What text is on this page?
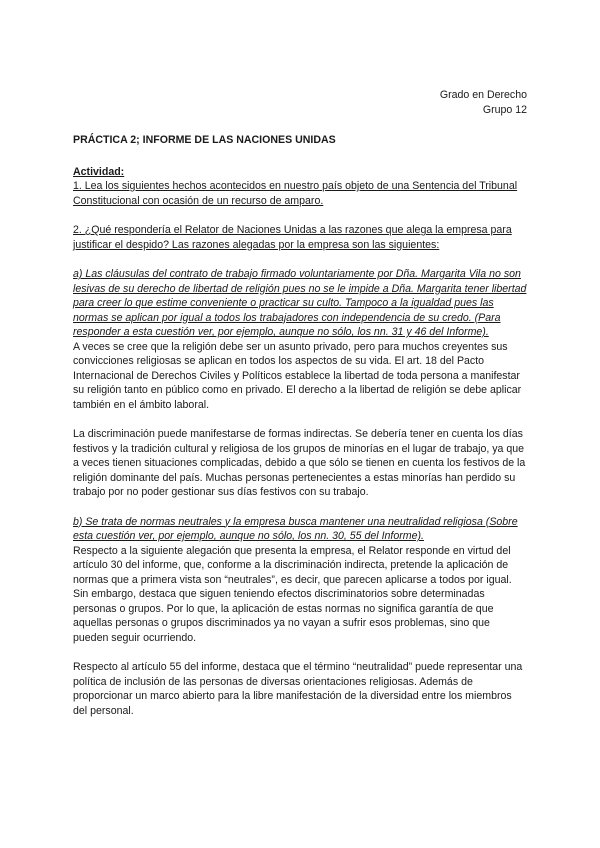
Grado en Derecho
Grupo 12
PRÁCTICA 2; INFORME DE LAS NACIONES UNIDAS
Actividad:
1. Lea los siguientes hechos acontecidos en nuestro país objeto de una Sentencia del Tribunal Constitucional con ocasión de un recurso de amparo.
2. ¿Qué respondería el Relator de Naciones Unidas a las razones que alega la empresa para justificar el despido? Las razones alegadas por la empresa son las siguientes:
a) Las cláusulas del contrato de trabajo firmado voluntariamente por Dña. Margarita Vila no son lesivas de su derecho de libertad de religión pues no se le impide a Dña. Margarita tener libertad para creer lo que estime conveniente o practicar su culto. Tampoco a la igualdad pues las normas se aplican por igual a todos los trabajadores con independencia de su credo. (Para responder a esta cuestión ver, por ejemplo, aunque no sólo, los nn. 31 y 46 del Informe).
A veces se cree que la religión debe ser un asunto privado, pero para muchos creyentes sus convicciones religiosas se aplican en todos los aspectos de su vida. El art. 18 del Pacto Internacional de Derechos Civiles y Políticos establece la libertad de toda persona a manifestar su religión tanto en público como en privado. El derecho a la libertad de religión se debe aplicar también en el ámbito laboral.
La discriminación puede manifestarse de formas indirectas. Se debería tener en cuenta los días festivos y la tradición cultural y religiosa de los grupos de minorías en el lugar de trabajo, ya que a veces tienen situaciones complicadas, debido a que sólo se tienen en cuenta los festivos de la religión dominante del país. Muchas personas pertenecientes a estas minorías han perdido su trabajo por no poder gestionar sus días festivos con su trabajo.
b) Se trata de normas neutrales y la empresa busca mantener una neutralidad religiosa (Sobre esta cuestión ver, por ejemplo, aunque no sólo, los nn. 30, 55 del Informe).
Respecto a la siguiente alegación que presenta la empresa, el Relator responde en virtud del artículo 30 del informe, que, conforme a la discriminación indirecta, pretende la aplicación de normas que a primera vista son “neutrales”, es decir, que parecen aplicarse a todos por igual. Sin embargo, destaca que siguen teniendo efectos discriminatorios sobre determinadas personas o grupos. Por lo que, la aplicación de estas normas no significa garantía de que aquellas personas o grupos discriminados ya no vayan a sufrir esos problemas, sino que pueden seguir ocurriendo.
Respecto al artículo 55 del informe, destaca que el término “neutralidad” puede representar una política de inclusión de las personas de diversas orientaciones religiosas. Además de proporcionar un marco abierto para la libre manifestación de la diversidad entre los miembros del personal.
